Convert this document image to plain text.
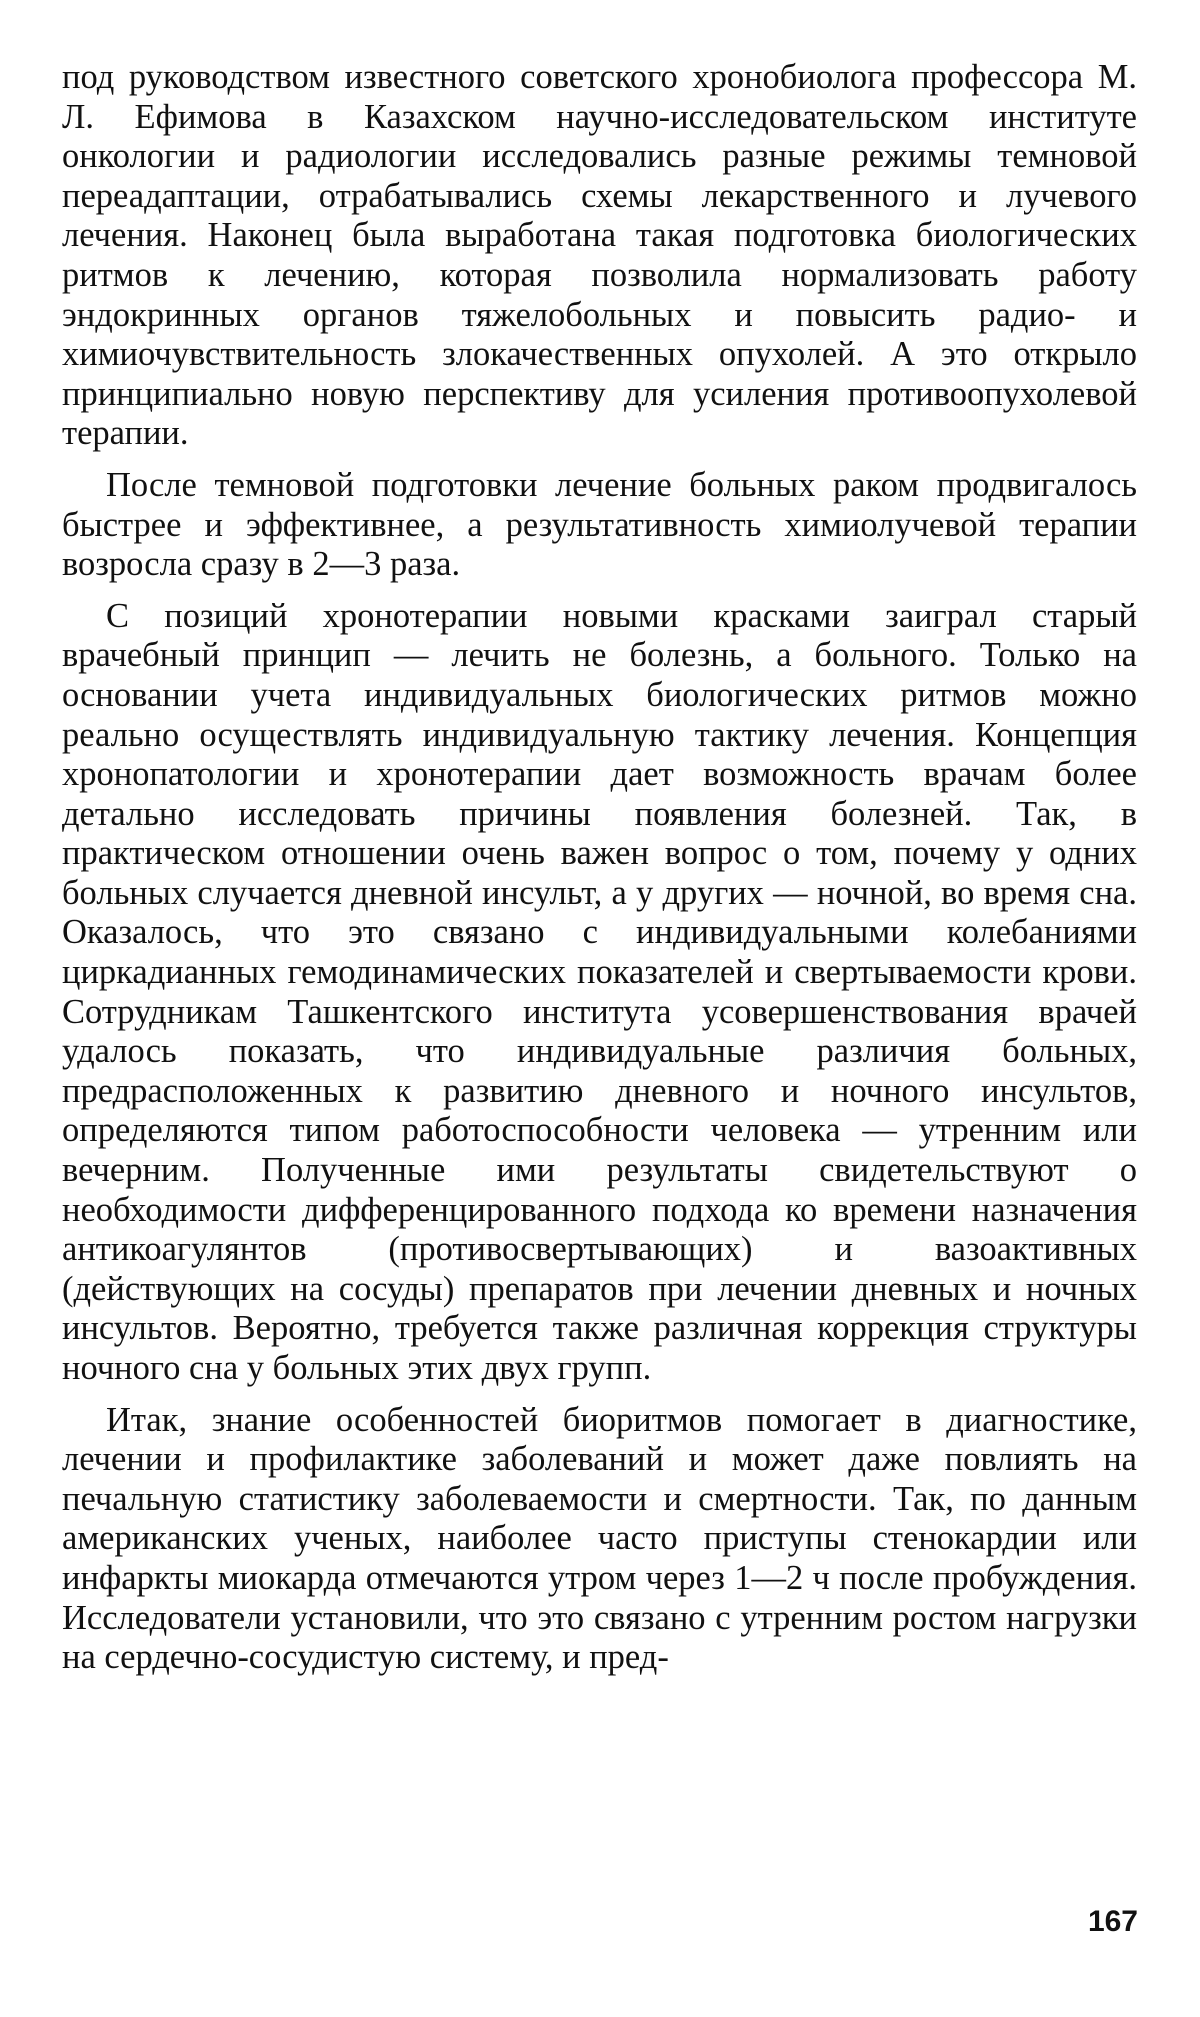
под руководством известного советского хронобиолога профессора М. Л. Ефимова в Казахском научно-исследовательском институте онкологии и радиологии исследовались разные режимы темновой переадаптации, отрабатывались схемы лекарственного и лучевого лечения. Наконец была выработана такая подготовка биологических ритмов к лечению, которая позволила нормализовать работу эндокринных органов тяжелобольных и повысить радио- и химиочувствительность злокачественных опухолей. А это открыло принципиально новую перспективу для усиления противоопухолевой терапии.

После темновой подготовки лечение больных раком продвигалось быстрее и эффективнее, а результативность химиолучевой терапии возросла сразу в 2—3 раза.

С позиций хронотерапии новыми красками заиграл старый врачебный принцип — лечить не болезнь, а больного. Только на основании учета индивидуальных биологических ритмов можно реально осуществлять индивидуальную тактику лечения. Концепция хронопатологии и хронотерапии дает возможность врачам более детально исследовать причины появления болезней. Так, в практическом отношении очень важен вопрос о том, почему у одних больных случается дневной инсульт, а у других — ночной, во время сна. Оказалось, что это связано с индивидуальными колебаниями циркадианных гемодинамических показателей и свертываемости крови. Сотрудникам Ташкентского института усовершенствования врачей удалось показать, что индивидуальные различия больных, предрасположенных к развитию дневного и ночного инсультов, определяются типом работоспособности человека — утренним или вечерним. Полученные ими результаты свидетельствуют о необходимости дифференцированного подхода ко времени назначения антикоагулянтов (противосвертывающих) и вазоактивных (действующих на сосуды) препаратов при лечении дневных и ночных инсультов. Вероятно, требуется также различная коррекция структуры ночного сна у больных этих двух групп.

Итак, знание особенностей биоритмов помогает в диагностике, лечении и профилактике заболеваний и может даже повлиять на печальную статистику заболеваемости и смертности. Так, по данным американских ученых, наиболее часто приступы стенокардии или инфаркты миокарда отмечаются утром через 1—2 ч после пробуждения. Исследователи установили, что это связано с утренним ростом нагрузки на сердечно-сосудистую систему, и пред-

167
